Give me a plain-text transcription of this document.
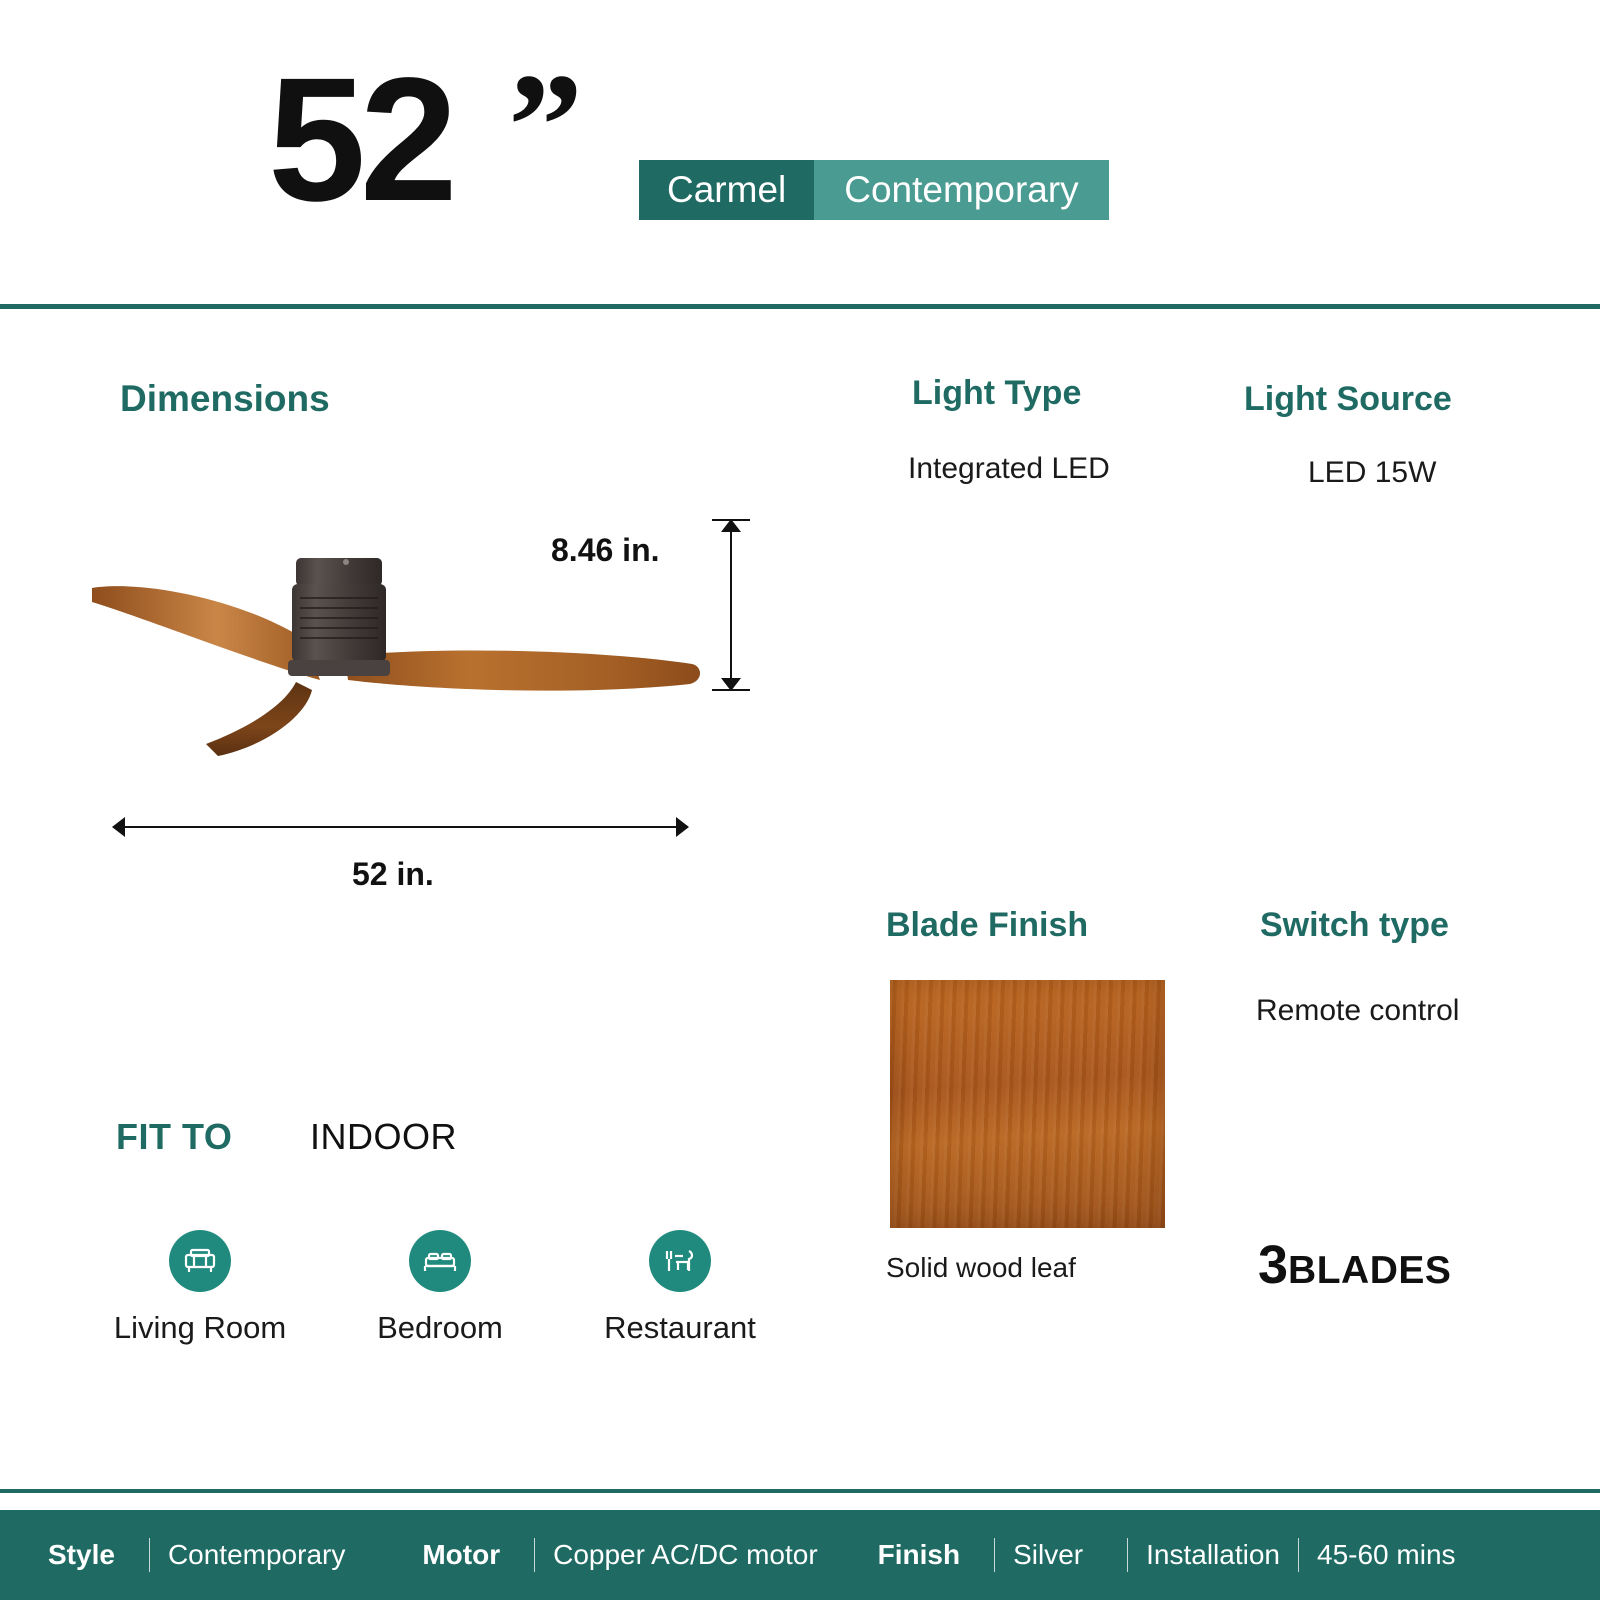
52 ”	Carmel	Contemporary
Dimensions
8.46 in.
52 in.
Light Type
Integrated LED
Light Source
LED 15W
Blade Finish
Solid wood leaf
Switch type
Remote control
3 BLADES
FIT TO INDOOR
Living Room	Bedroom	Restaurant
Style	Contemporary	Motor	Copper AC/DC motor	Finish	Silver Installation 45-60 mins
